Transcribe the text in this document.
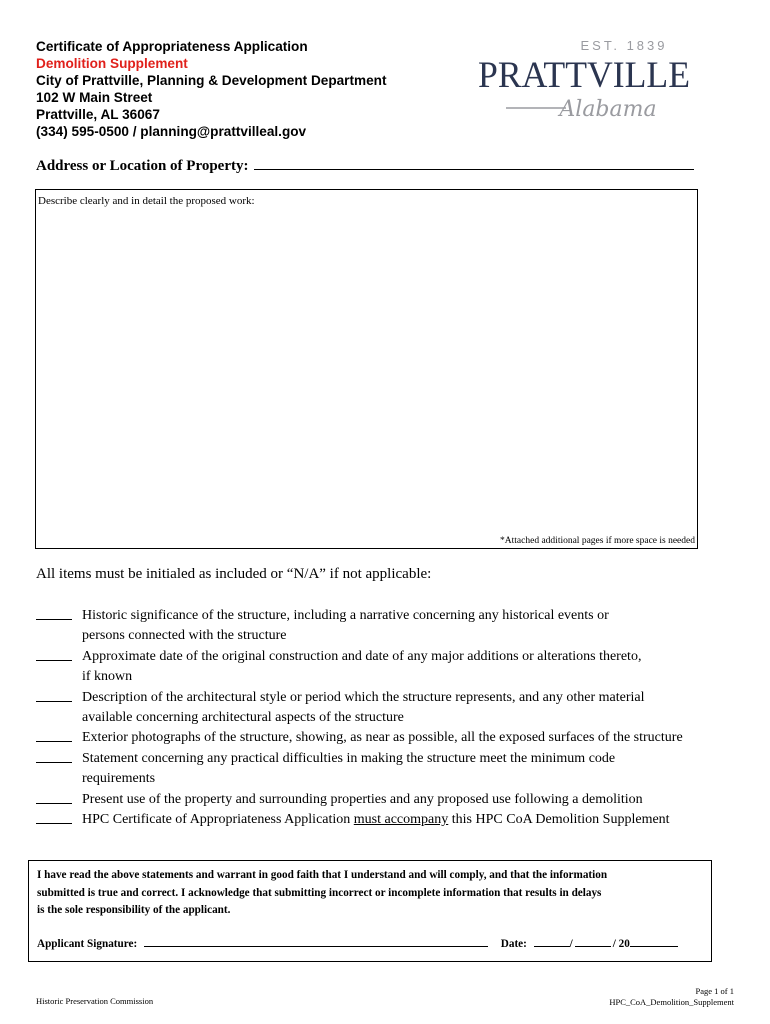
Certificate of Appropriateness Application
Demolition Supplement
City of Prattville, Planning & Development Department
102 W Main Street
Prattville, AL 36067
(334) 595-0500 / planning@prattvilleal.gov
EST. 1839
PRATTVILLE
Alabama
Address or Location of Property:
Describe clearly and in detail the proposed work:
*Attached additional pages if more space is needed
All items must be initialed as included or “N/A” if not applicable:
Historic significance of the structure, including a narrative concerning any historical events or
persons connected with the structure
Approximate date of the original construction and date of any major additions or alterations thereto,
if known
Description of the architectural style or period which the structure represents, and any other material
available concerning architectural aspects of the structure
Exterior photographs of the structure, showing, as near as possible, all the exposed surfaces of the structure
Statement concerning any practical difficulties in making the structure meet the minimum code
requirements
Present use of the property and surrounding properties and any proposed use following a demolition
HPC Certificate of Appropriateness Application must accompany this HPC CoA Demolition Supplement
I have read the above statements and warrant in good faith that I understand and will comply, and that the information
submitted is true and correct. I acknowledge that submitting incorrect or incomplete information that results in delays
is the sole responsibility of the applicant.
Applicant Signature:	Date:	/	/ 20
Historic Preservation Commission
Page 1 of 1
HPC_CoA_Demolition_Supplement
